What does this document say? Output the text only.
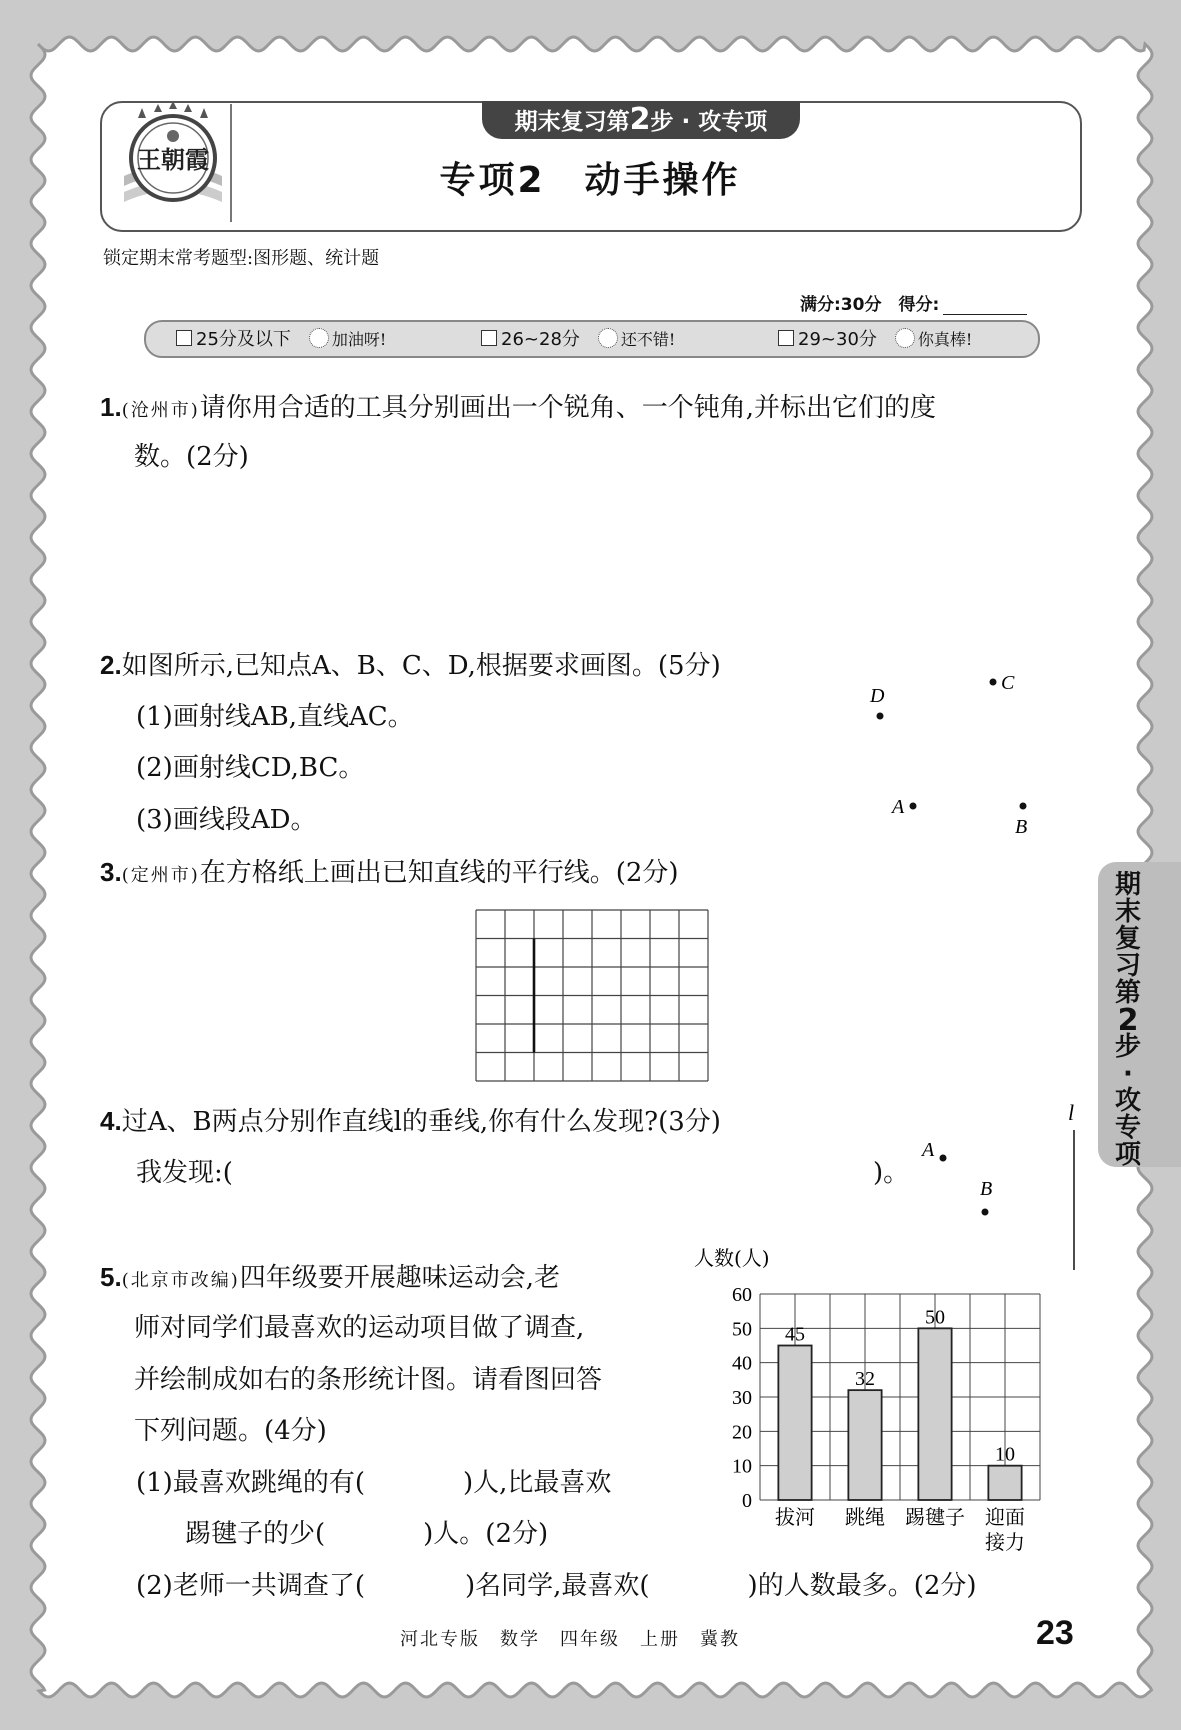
王朝霞
期末复习第2步 · 攻专项
专项2　动手操作
锁定期末常考题型:图形题、统计题
满分:30分　 得分:
25分及以下　	加油呀!	26~28分　	还不错!	29~30分　	你真棒!
1.(沧州市)请你用合适的工具分别画出一个锐角、一个钝角,并标出它们的度
数。(2分)
2.如图所示,已知点A、B、C、D,根据要求画图。(5分)
(1)画射线AB,直线AC。
(2)画射线CD,BC。
(3)画线段AD。
D
C
A
B
3.(定州市)在方格纸上画出已知直线的平行线。(2分)
4.过A、B两点分别作直线l的垂线,你有什么发现?(3分)
我发现:(	)。
l
A
B
5.(北京市改编)四年级要开展趣味运动会,老
师对同学们最喜欢的运动项目做了调查,
并绘制成如右的条形统计图。请看图回答
下列问题。(4分)
(1)最喜欢跳绳的有(	)人,比最喜欢
踢毽子的少(	)人。(2分)
(2)老师一共调查了(	)名同学,最喜欢(	)的人数最多。(2分)
人数(人)
0
10
20
30
40
50
60
45
拔河
32
跳绳
50
踢毽子
10
迎面
接力
期
末
复
习
第
2
步
·
攻
专
项
河北专版　数学　四年级　上册　冀教	23
